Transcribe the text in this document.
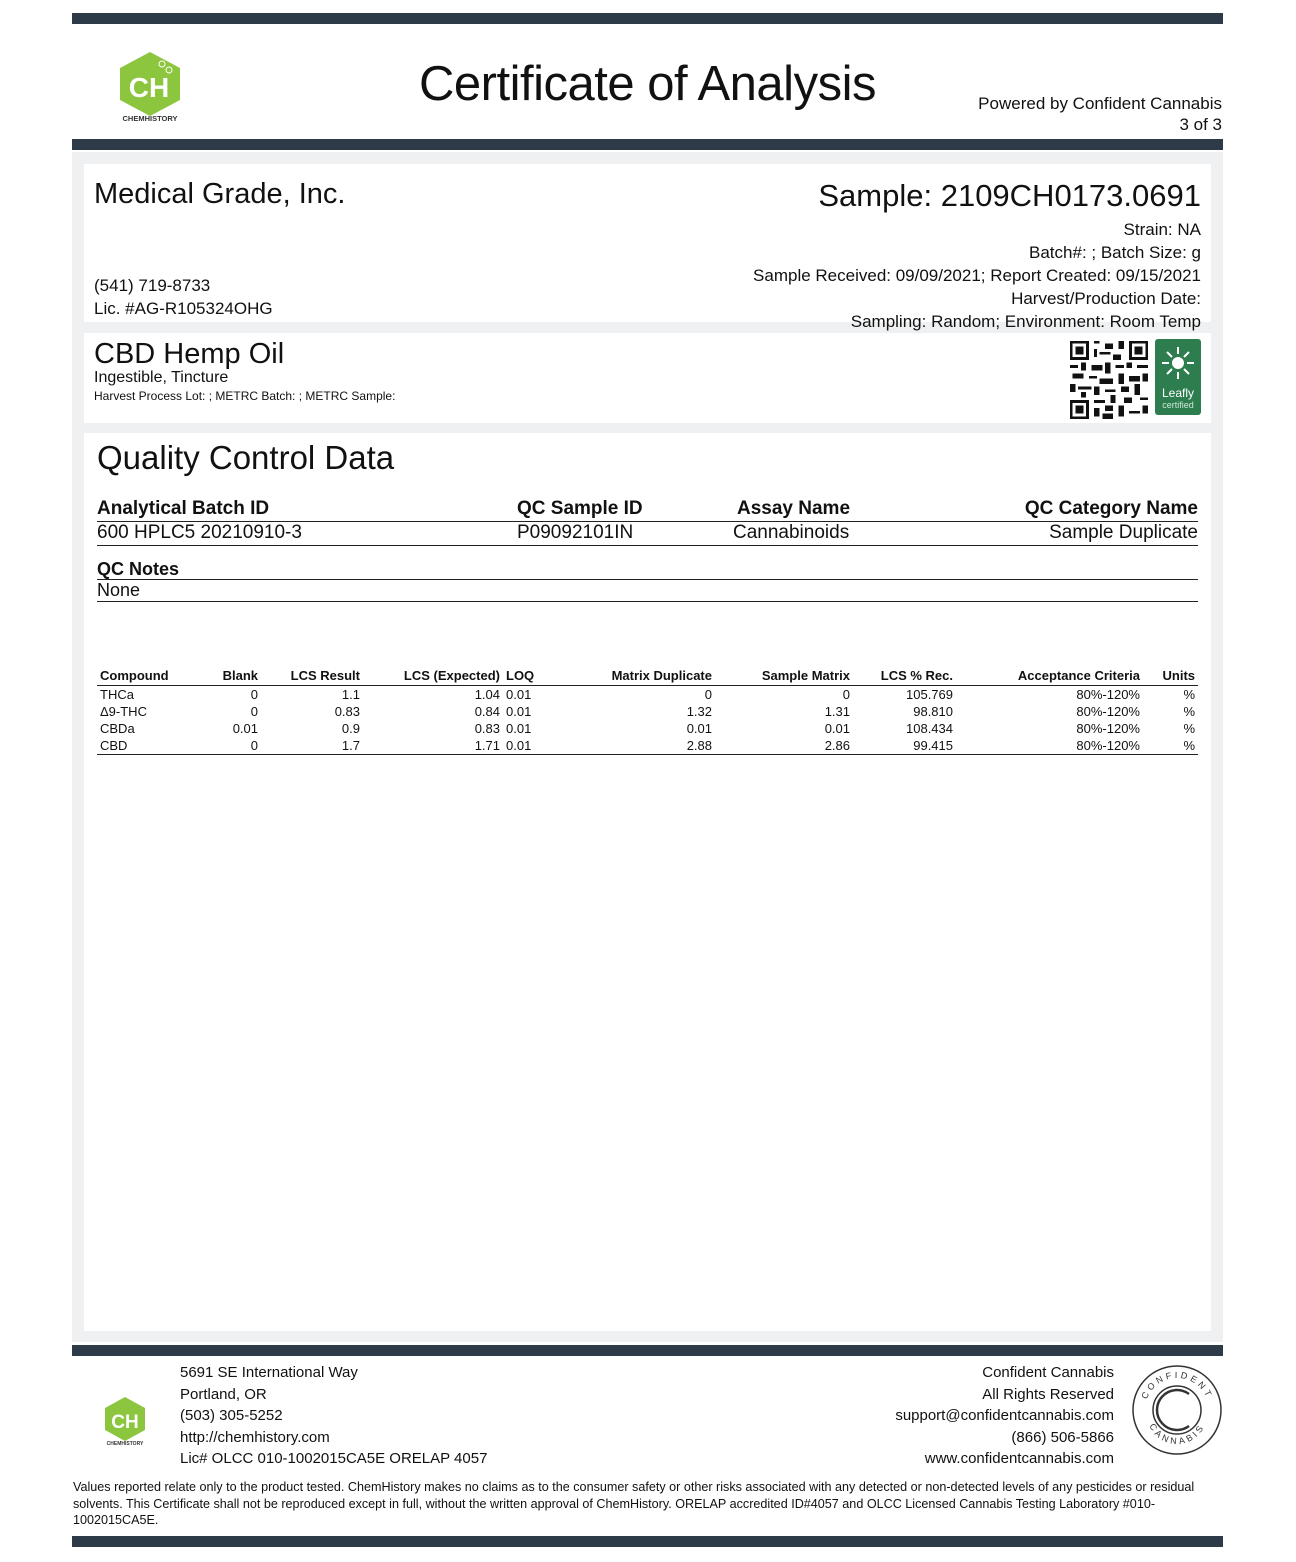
CH
CHEMHISTORY
Certificate of Analysis	Powered by Confident Cannabis
3 of 3
Medical Grade, Inc.
(541) 719-8733
Lic. #AG-R105324OHG
Sample: 2109CH0173.0691
Strain: NA
Batch#: ; Batch Size: g
Sample Received: 09/09/2021; Report Created: 09/15/2021
Harvest/Production Date:
Sampling: Random; Environment: Room Temp
CBD Hemp Oil
Ingestible, Tincture
Harvest Process Lot: ; METRC Batch: ; METRC Sample:	Leafly
certified
Quality Control Data
Analytical Batch ID	QC Sample ID	Assay Name	QC Category Name
600 HPLC5 20210910-3	P09092101IN	Cannabinoids	Sample Duplicate
QC Notes
None
Compound	Blank	LCS Result	LCS (Expected)	LOQ	Matrix Duplicate	Sample Matrix	LCS % Rec.	Acceptance Criteria	Units
THCa	0	1.1	1.04	0.01	0	0	105.769	80%-120%	%
Δ9-THC	0	0.83	0.84	0.01	1.32	1.31	98.810	80%-120%	%
CBDa	0.01	0.9	0.83	0.01	0.01	0.01	108.434	80%-120%	%
CBD	0	1.7	1.71	0.01	2.88	2.86	99.415	80%-120%	%
CH
CHEMHISTORY
5691 SE International Way
Portland, OR
(503) 305-5252
http://chemhistory.com
Lic# OLCC 010-1002015CA5E ORELAP 4057
Confident Cannabis
All Rights Reserved
support@confidentcannabis.com
(866) 506-5866
www.confidentcannabis.com
CONFIDENT
CANNABIS
Values reported relate only to the product tested. ChemHistory makes no claims as to the consumer safety or other risks associated with any detected or non-detected levels of any pesticides or residual solvents. This Certificate shall not be reproduced except in full, without the written approval of ChemHistory. ORELAP accredited ID#4057 and OLCC Licensed Cannabis Testing Laboratory #010-1002015CA5E.
